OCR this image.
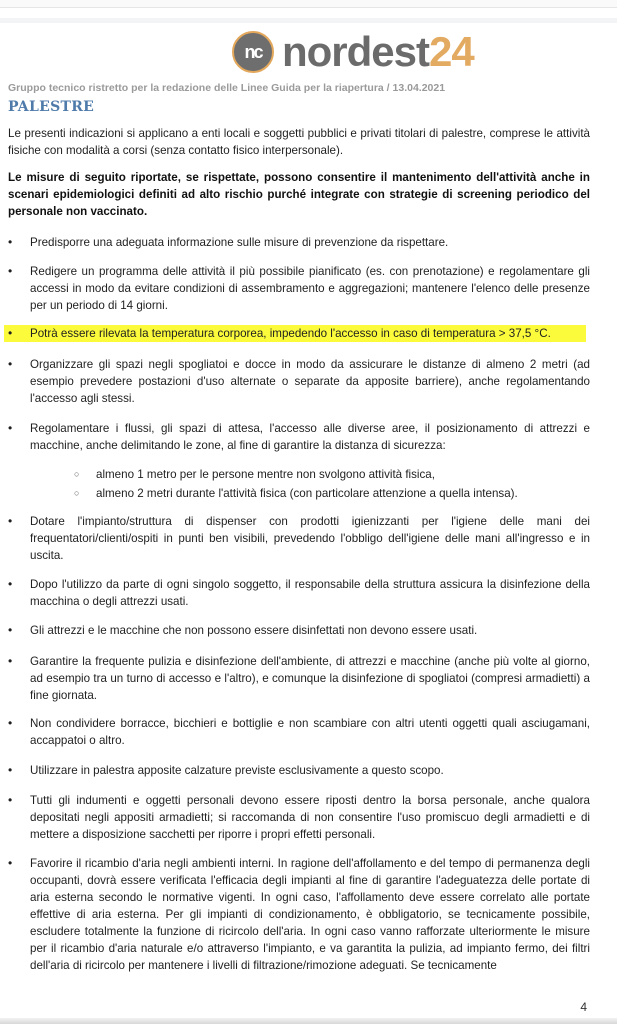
nc nordest24
Gruppo tecnico ristretto per la redazione delle Linee Guida per la riapertura / 13.04.2021
PALESTRE
Le presenti indicazioni si applicano a enti locali e soggetti pubblici e privati titolari di palestre, comprese le attività fisiche con modalità a corsi (senza contatto fisico interpersonale).
Le misure di seguito riportate, se rispettate, possono consentire il mantenimento dell'attività anche in scenari epidemiologici definiti ad alto rischio purché integrate con strategie di screening periodico del personale non vaccinato.
•	Predisporre una adeguata informazione sulle misure di prevenzione da rispettare.
•	Redigere un programma delle attività il più possibile pianificato (es. con prenotazione) e regolamentare gli accessi in modo da evitare condizioni di assembramento e aggregazioni; mantenere l'elenco delle presenze per un periodo di 14 giorni.
•	Potrà essere rilevata la temperatura corporea, impedendo l'accesso in caso di temperatura > 37,5 °C.
•	Organizzare gli spazi negli spogliatoi e docce in modo da assicurare le distanze di almeno 2 metri (ad esempio prevedere postazioni d'uso alternate o separate da apposite barriere), anche regolamentando l'accesso agli stessi.
•	Regolamentare i flussi, gli spazi di attesa, l'accesso alle diverse aree, il posizionamento di attrezzi e macchine, anche delimitando le zone, al fine di garantire la distanza di sicurezza:
○ almeno 1 metro per le persone mentre non svolgono attività fisica,
○ almeno 2 metri durante l'attività fisica (con particolare attenzione a quella intensa).
•	Dotare l'impianto/struttura di dispenser con prodotti igienizzanti per l'igiene delle mani dei frequentatori/clienti/ospiti in punti ben visibili, prevedendo l'obbligo dell'igiene delle mani all'ingresso e in uscita.
•	Dopo l'utilizzo da parte di ogni singolo soggetto, il responsabile della struttura assicura la disinfezione della macchina o degli attrezzi usati.
•	Gli attrezzi e le macchine che non possono essere disinfettati non devono essere usati.
•	Garantire la frequente pulizia e disinfezione dell'ambiente, di attrezzi e macchine (anche più volte al giorno, ad esempio tra un turno di accesso e l'altro), e comunque la disinfezione di spogliatoi (compresi armadietti) a fine giornata.
•	Non condividere borracce, bicchieri e bottiglie e non scambiare con altri utenti oggetti quali asciugamani, accappatoi o altro.
•	Utilizzare in palestra apposite calzature previste esclusivamente a questo scopo.
•	Tutti gli indumenti e oggetti personali devono essere riposti dentro la borsa personale, anche qualora depositati negli appositi armadietti; si raccomanda di non consentire l'uso promiscuo degli armadietti e di mettere a disposizione sacchetti per riporre i propri effetti personali.
•	Favorire il ricambio d'aria negli ambienti interni. In ragione dell'affollamento e del tempo di permanenza degli occupanti, dovrà essere verificata l'efficacia degli impianti al fine di garantire l'adeguatezza delle portate di aria esterna secondo le normative vigenti. In ogni caso, l'affollamento deve essere correlato alle portate effettive di aria esterna. Per gli impianti di condizionamento, è obbligatorio, se tecnicamente possibile, escludere totalmente la funzione di ricircolo dell'aria. In ogni caso vanno rafforzate ulteriormente le misure per il ricambio d'aria naturale e/o attraverso l'impianto, e va garantita la pulizia, ad impianto fermo, dei filtri dell'aria di ricircolo per mantenere i livelli di filtrazione/rimozione adeguati. Se tecnicamente
4
